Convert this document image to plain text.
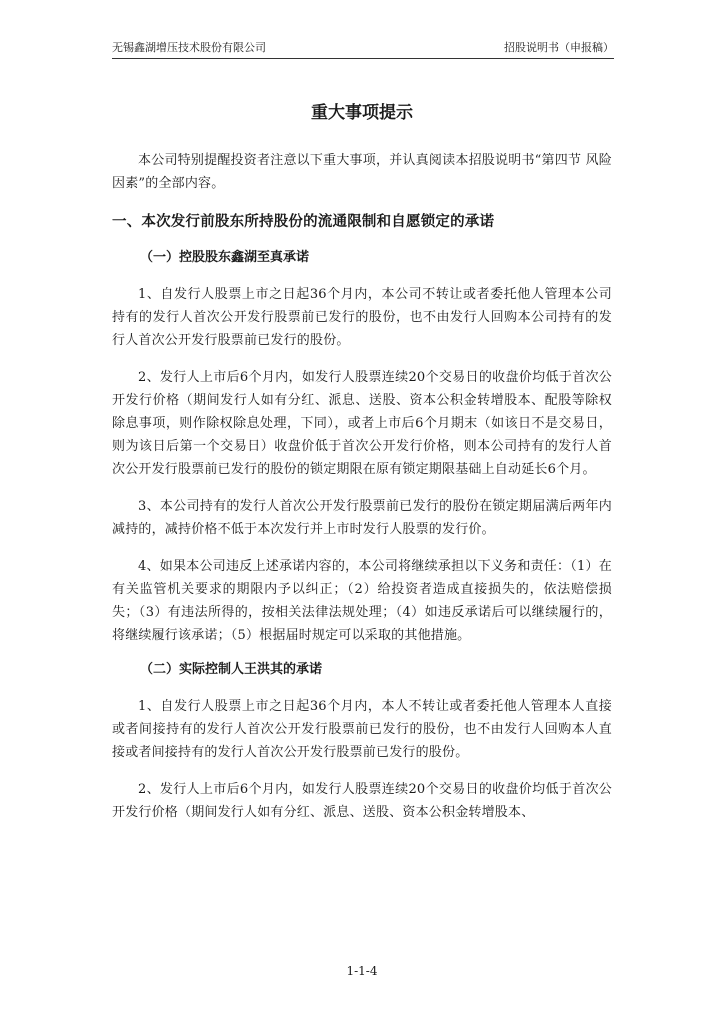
无锡鑫湖增压技术股份有限公司	招股说明书（申报稿）
重大事项提示

本公司特别提醒投资者注意以下重大事项，并认真阅读本招股说明书“第四节 风险因素”的全部内容。

一、本次发行前股东所持股份的流通限制和自愿锁定的承诺
（一）控股股东鑫湖至真承诺

1、自发行人股票上市之日起36个月内，本公司不转让或者委托他人管理本公司持有的发行人首次公开发行股票前已发行的股份，也不由发行人回购本公司持有的发行人首次公开发行股票前已发行的股份。

2、发行人上市后6个月内，如发行人股票连续20个交易日的收盘价均低于首次公开发行价格（期间发行人如有分红、派息、送股、资本公积金转增股本、配股等除权除息事项，则作除权除息处理，下同），或者上市后6个月期末（如该日不是交易日，则为该日后第一个交易日）收盘价低于首次公开发行价格，则本公司持有的发行人首次公开发行股票前已发行的股份的锁定期限在原有锁定期限基础上自动延长6个月。

3、本公司持有的发行人首次公开发行股票前已发行的股份在锁定期届满后两年内减持的，减持价格不低于本次发行并上市时发行人股票的发行价。

4、如果本公司违反上述承诺内容的，本公司将继续承担以下义务和责任：（1）在有关监管机关要求的期限内予以纠正；（2）给投资者造成直接损失的，依法赔偿损失；（3）有违法所得的，按相关法律法规处理；（4）如违反承诺后可以继续履行的，将继续履行该承诺；（5）根据届时规定可以采取的其他措施。

（二）实际控制人王洪其的承诺

1、自发行人股票上市之日起36个月内，本人不转让或者委托他人管理本人直接或者间接持有的发行人首次公开发行股票前已发行的股份，也不由发行人回购本人直接或者间接持有的发行人首次公开发行股票前已发行的股份。

2、发行人上市后6个月内，如发行人股票连续20个交易日的收盘价均低于首次公开发行价格（期间发行人如有分红、派息、送股、资本公积金转增股本、

1-1-4
